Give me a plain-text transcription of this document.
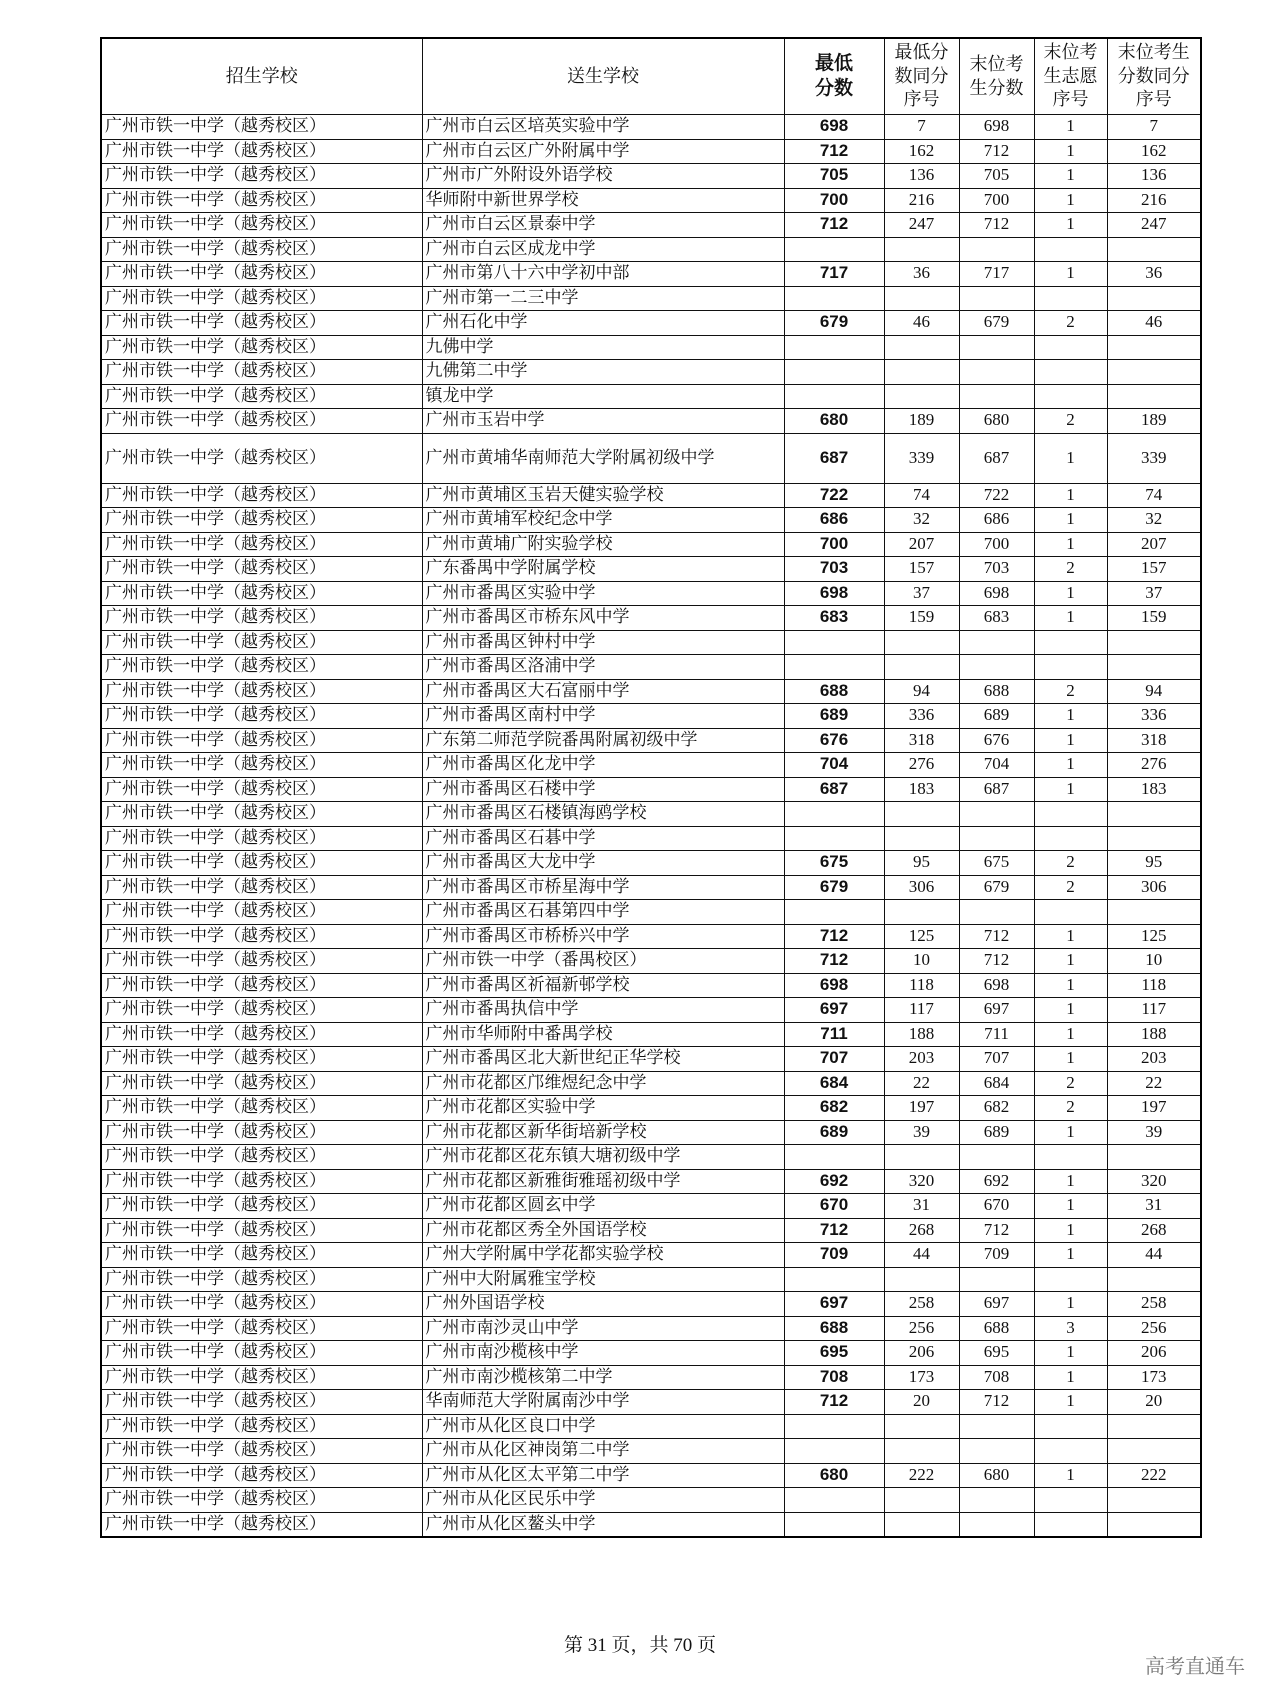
招生学校	送生学校	最低分数	最低分数同分序号	末位考生分数	末位考生志愿序号	末位考生分数同分序号
广州市铁一中学（越秀校区）	广州市白云区培英实验中学	698	7	698	1	7
广州市铁一中学（越秀校区）	广州市白云区广外附属中学	712	162	712	1	162
广州市铁一中学（越秀校区）	广州市广外附设外语学校	705	136	705	1	136
广州市铁一中学（越秀校区）	华师附中新世界学校	700	216	700	1	216
广州市铁一中学（越秀校区）	广州市白云区景泰中学	712	247	712	1	247
广州市铁一中学（越秀校区）	广州市白云区成龙中学					
广州市铁一中学（越秀校区）	广州市第八十六中学初中部	717	36	717	1	36
广州市铁一中学（越秀校区）	广州市第一二三中学					
广州市铁一中学（越秀校区）	广州石化中学	679	46	679	2	46
广州市铁一中学（越秀校区）	九佛中学					
广州市铁一中学（越秀校区）	九佛第二中学					
广州市铁一中学（越秀校区）	镇龙中学					
广州市铁一中学（越秀校区）	广州市玉岩中学	680	189	680	2	189
广州市铁一中学（越秀校区）	广州市黄埔华南师范大学附属初级中学	687	339	687	1	339
广州市铁一中学（越秀校区）	广州市黄埔区玉岩天健实验学校	722	74	722	1	74
广州市铁一中学（越秀校区）	广州市黄埔军校纪念中学	686	32	686	1	32
广州市铁一中学（越秀校区）	广州市黄埔广附实验学校	700	207	700	1	207
广州市铁一中学（越秀校区）	广东番禺中学附属学校	703	157	703	2	157
广州市铁一中学（越秀校区）	广州市番禺区实验中学	698	37	698	1	37
广州市铁一中学（越秀校区）	广州市番禺区市桥东风中学	683	159	683	1	159
广州市铁一中学（越秀校区）	广州市番禺区钟村中学					
广州市铁一中学（越秀校区）	广州市番禺区洛浦中学					
广州市铁一中学（越秀校区）	广州市番禺区大石富丽中学	688	94	688	2	94
广州市铁一中学（越秀校区）	广州市番禺区南村中学	689	336	689	1	336
广州市铁一中学（越秀校区）	广东第二师范学院番禺附属初级中学	676	318	676	1	318
广州市铁一中学（越秀校区）	广州市番禺区化龙中学	704	276	704	1	276
广州市铁一中学（越秀校区）	广州市番禺区石楼中学	687	183	687	1	183
广州市铁一中学（越秀校区）	广州市番禺区石楼镇海鸥学校					
广州市铁一中学（越秀校区）	广州市番禺区石碁中学					
广州市铁一中学（越秀校区）	广州市番禺区大龙中学	675	95	675	2	95
广州市铁一中学（越秀校区）	广州市番禺区市桥星海中学	679	306	679	2	306
广州市铁一中学（越秀校区）	广州市番禺区石碁第四中学					
广州市铁一中学（越秀校区）	广州市番禺区市桥桥兴中学	712	125	712	1	125
广州市铁一中学（越秀校区）	广州市铁一中学（番禺校区）	712	10	712	1	10
广州市铁一中学（越秀校区）	广州市番禺区祈福新邨学校	698	118	698	1	118
广州市铁一中学（越秀校区）	广州市番禺执信中学	697	117	697	1	117
广州市铁一中学（越秀校区）	广州市华师附中番禺学校	711	188	711	1	188
广州市铁一中学（越秀校区）	广州市番禺区北大新世纪正华学校	707	203	707	1	203
广州市铁一中学（越秀校区）	广州市花都区邝维煜纪念中学	684	22	684	2	22
广州市铁一中学（越秀校区）	广州市花都区实验中学	682	197	682	2	197
广州市铁一中学（越秀校区）	广州市花都区新华街培新学校	689	39	689	1	39
广州市铁一中学（越秀校区）	广州市花都区花东镇大塘初级中学					
广州市铁一中学（越秀校区）	广州市花都区新雅街雅瑶初级中学	692	320	692	1	320
广州市铁一中学（越秀校区）	广州市花都区圆玄中学	670	31	670	1	31
广州市铁一中学（越秀校区）	广州市花都区秀全外国语学校	712	268	712	1	268
广州市铁一中学（越秀校区）	广州大学附属中学花都实验学校	709	44	709	1	44
广州市铁一中学（越秀校区）	广州中大附属雅宝学校					
广州市铁一中学（越秀校区）	广州外国语学校	697	258	697	1	258
广州市铁一中学（越秀校区）	广州市南沙灵山中学	688	256	688	3	256
广州市铁一中学（越秀校区）	广州市南沙榄核中学	695	206	695	1	206
广州市铁一中学（越秀校区）	广州市南沙榄核第二中学	708	173	708	1	173
广州市铁一中学（越秀校区）	华南师范大学附属南沙中学	712	20	712	1	20
广州市铁一中学（越秀校区）	广州市从化区良口中学					
广州市铁一中学（越秀校区）	广州市从化区神岗第二中学					
广州市铁一中学（越秀校区）	广州市从化区太平第二中学	680	222	680	1	222
广州市铁一中学（越秀校区）	广州市从化区民乐中学					
广州市铁一中学（越秀校区）	广州市从化区鳌头中学					
第 31 页，共 70 页
高考直通车
